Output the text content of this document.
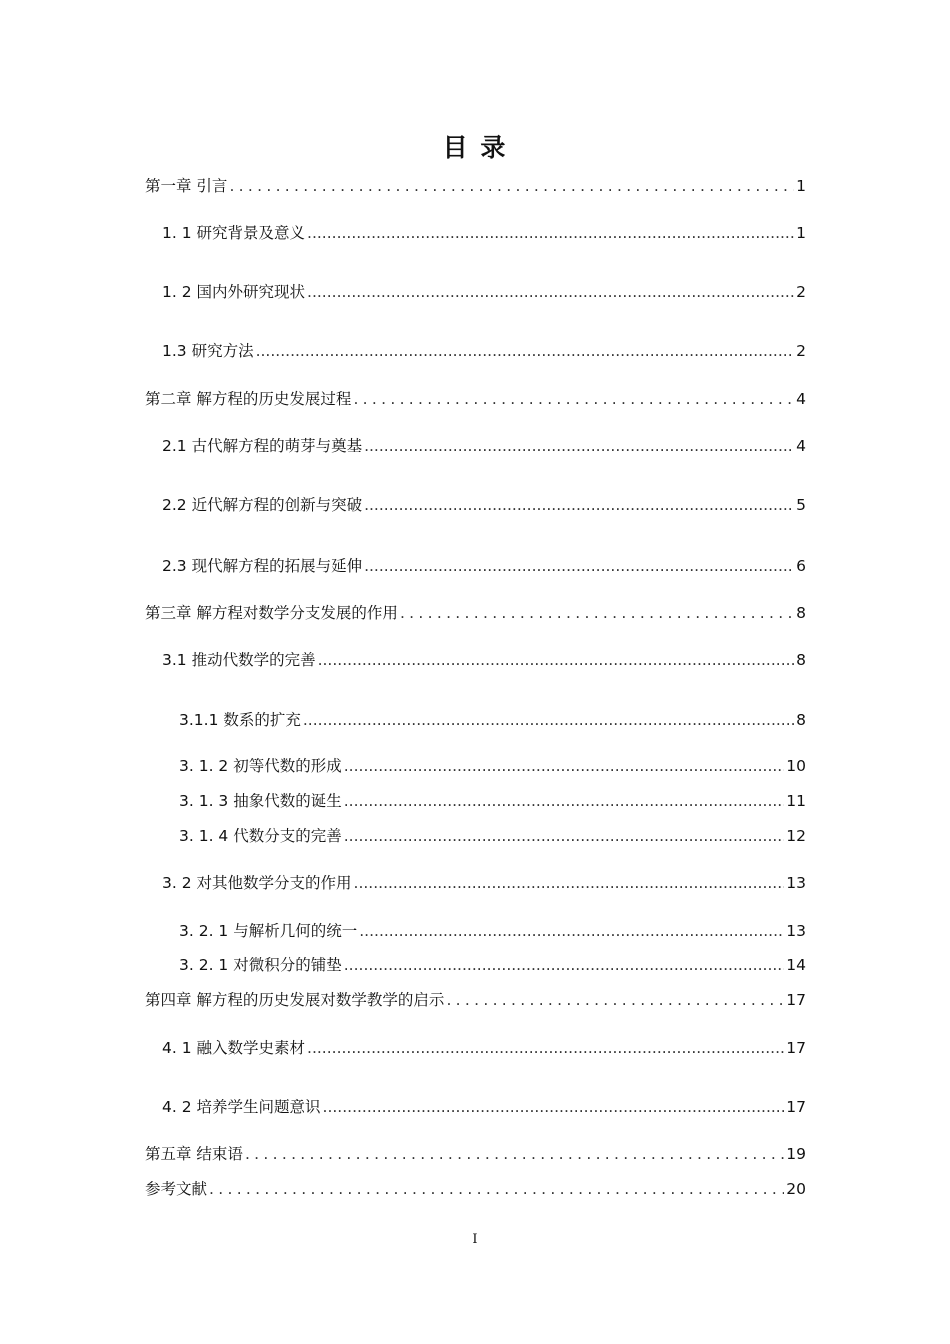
目 录
第一章 引言 .....	1
1. 1 研究背景及意义 .....	1
1. 2 国内外研究现状 .....	2
1.3 研究方法 .....	2
第二章 解方程的历史发展过程 .....	4
2.1 古代解方程的萌芽与奠基 .....	4
2.2 近代解方程的创新与突破 .....	5
2.3 现代解方程的拓展与延伸 .....	6
第三章 解方程对数学分支发展的作用 .....	8
3.1 推动代数学的完善 .....	8
3.1.1 数系的扩充 .....	8
3. 1. 2 初等代数的形成 .....	10
3. 1. 3 抽象代数的诞生 .....	11
3. 1. 4 代数分支的完善 .....	12
3. 2 对其他数学分支的作用 .....	13
3. 2. 1 与解析几何的统一 .....	13
3. 2. 1 对微积分的铺垫 .....	14
第四章 解方程的历史发展对数学教学的启示 .....	17
4. 1 融入数学史素材 .....	17
4. 2 培养学生问题意识 .....	17
第五章 结束语 .....	19
参考文献 .....	20
I
